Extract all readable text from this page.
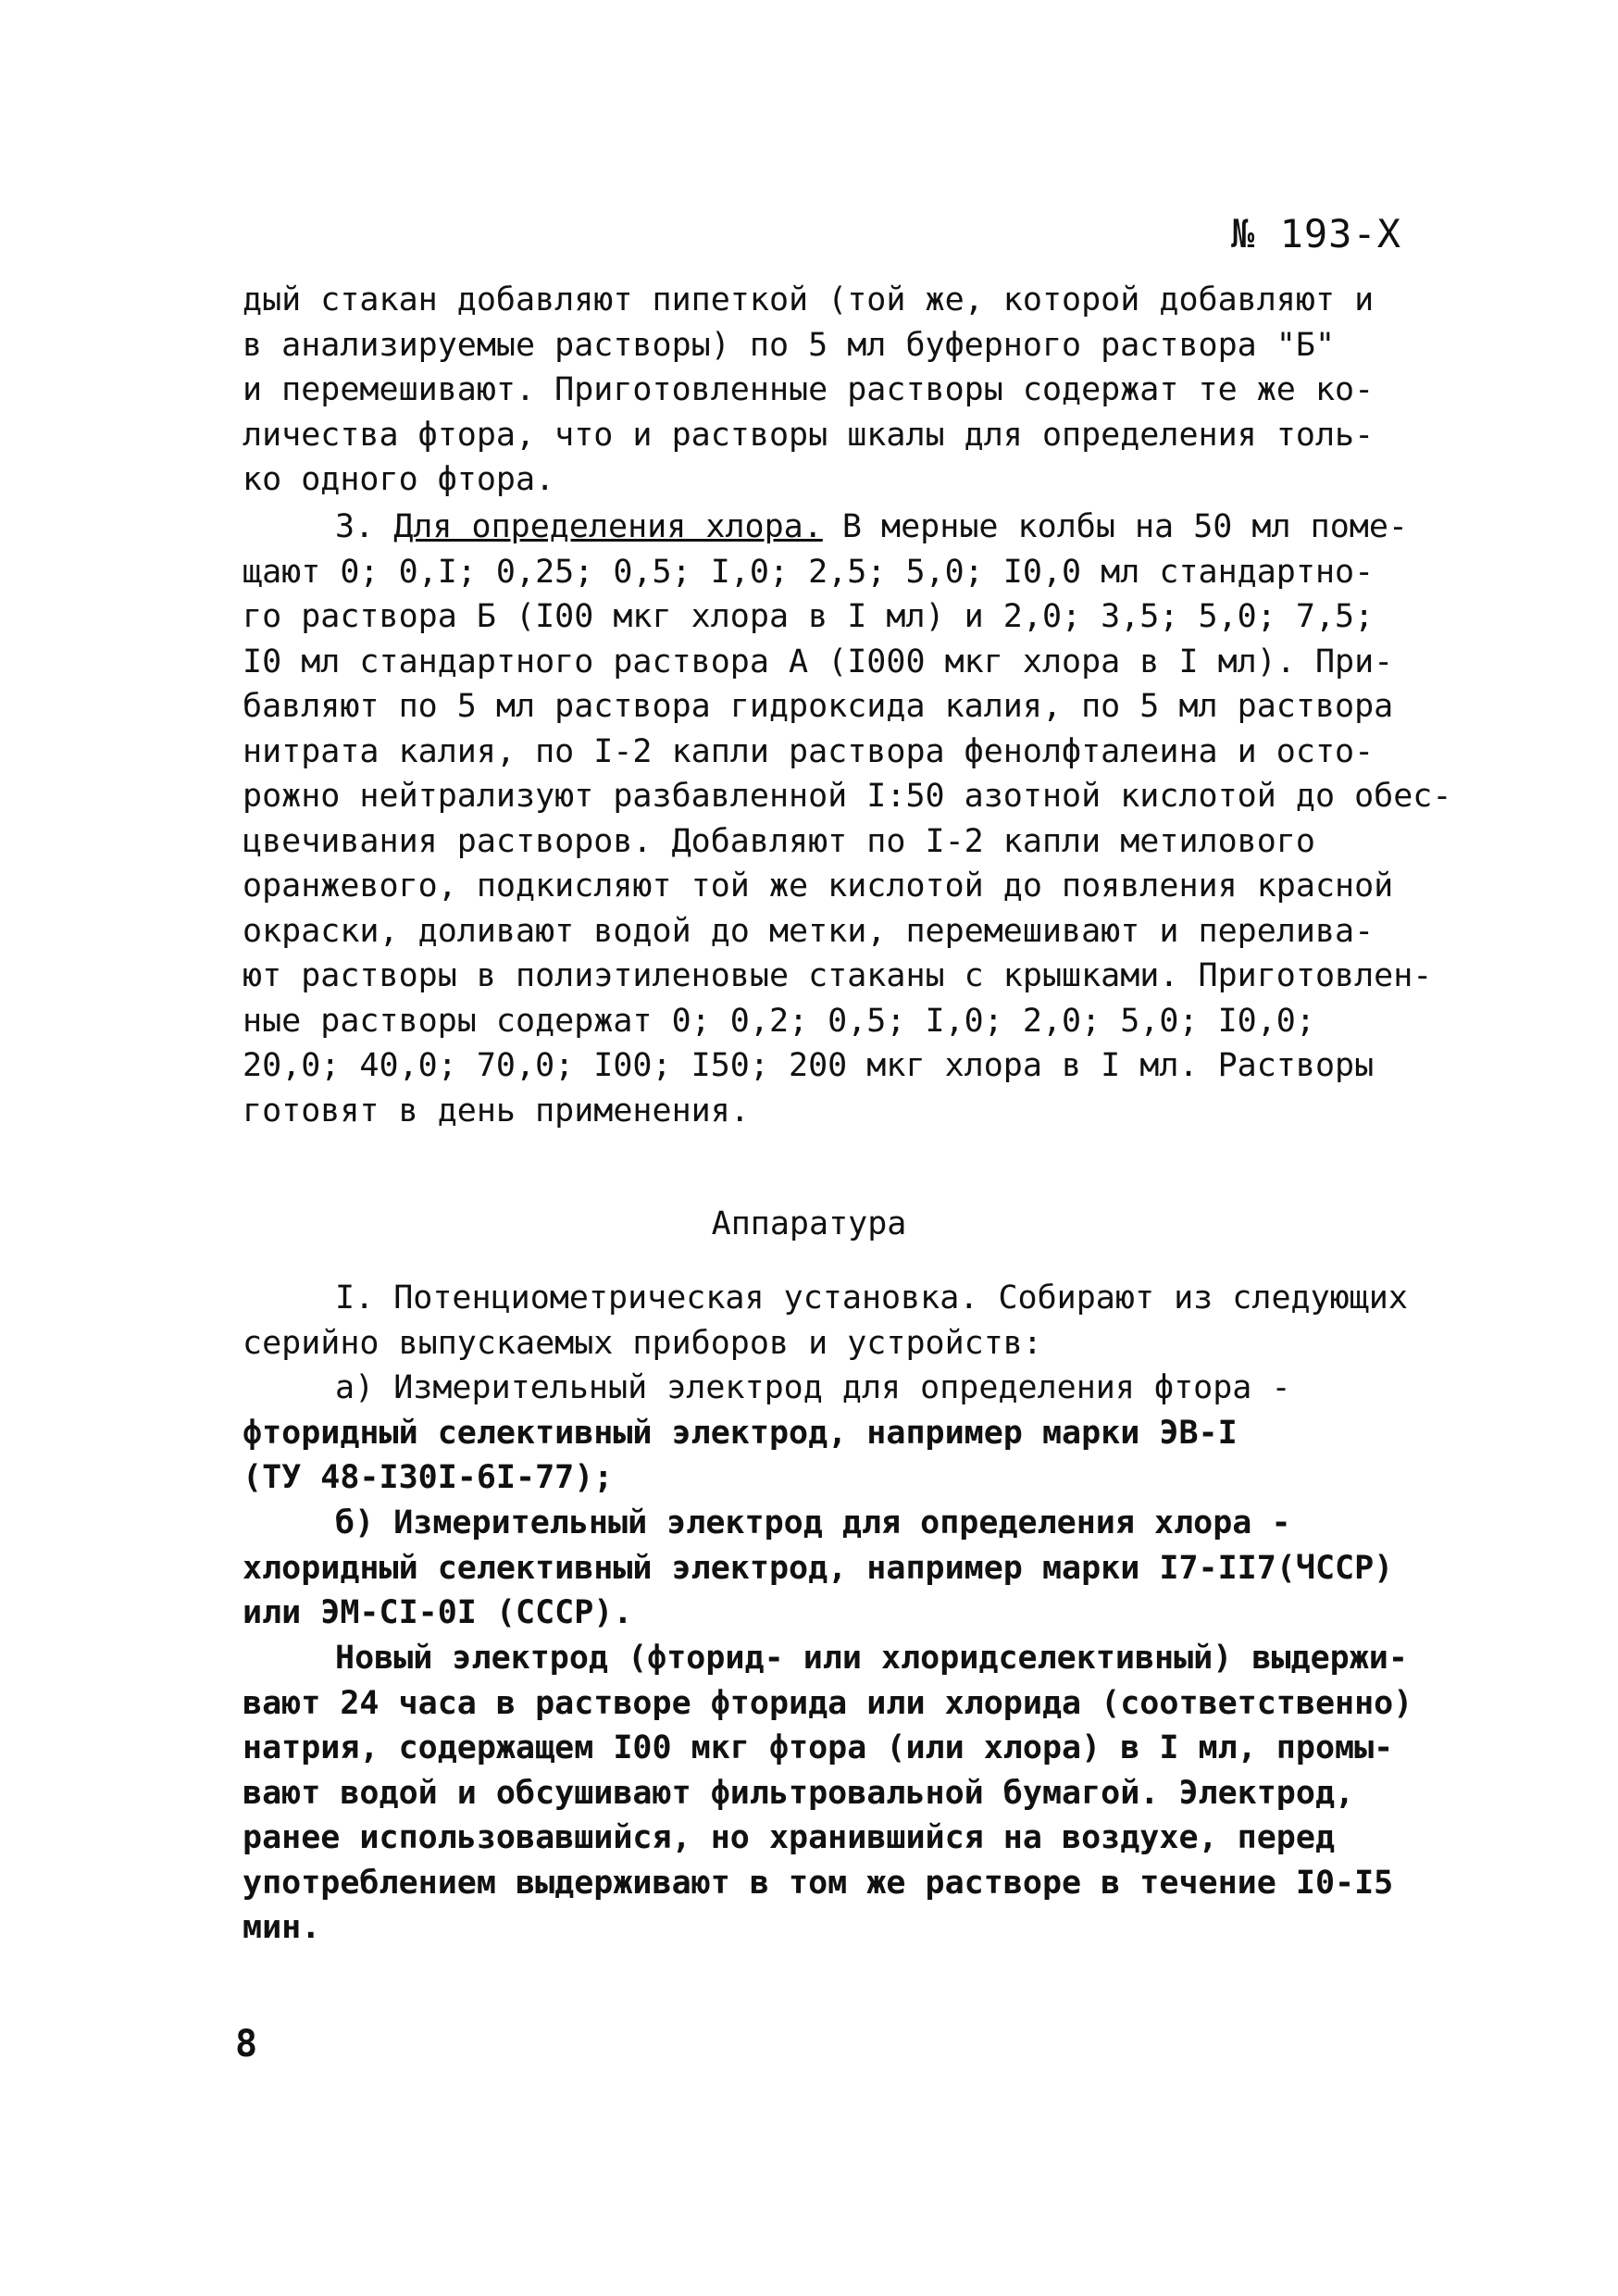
№ 193-Х
дый стакан добавляют пипеткой (той же, которой добавляют и
в анализируемые растворы) по 5 мл буферного раствора "Б"
и перемешивают. Приготовленные растворы содержат те же ко-
личества фтора, что и растворы шкалы для определения толь-
ко одного фтора.
3. Для определения хлора. В мерные колбы на 50 мл поме-
щают 0; 0,I; 0,25; 0,5; I,0; 2,5; 5,0; I0,0 мл стандартно-
го раствора Б (I00 мкг хлора в I мл) и 2,0; 3,5; 5,0; 7,5;
I0 мл стандартного раствора А (I000 мкг хлора в I мл). При-
бавляют по 5 мл раствора гидроксида калия, по 5 мл раствора
нитрата калия, по I-2 капли раствора фенолфталеина и осто-
рожно нейтрализуют разбавленной I:50 азотной кислотой до обес-
цвечивания растворов. Добавляют по I-2 капли метилового
оранжевого, подкисляют той же кислотой до появления красной
окраски, доливают водой до метки, перемешивают и перелива-
ют растворы в полиэтиленовые стаканы с крышками. Приготовлен-
ные растворы содержат 0; 0,2; 0,5; I,0; 2,0; 5,0; I0,0;
20,0; 40,0; 70,0; I00; I50; 200 мкг хлора в I мл. Растворы
готовят в день применения.
Аппаратура
I. Потенциометрическая установка. Собирают из следующих
серийно выпускаемых приборов и устройств:
а) Измерительный электрод для определения фтора -
фторидный селективный электрод, например марки ЭВ-I
(ТУ 48-I30I-6I-77);
б) Измерительный электрод для определения хлора -
хлоридный селективный электрод, например марки I7-II7(ЧССР)
или ЭМ-CI-0I (СССР).
Новый электрод (фторид- или хлоридселективный) выдержи-
вают 24 часа в растворе фторида или хлорида (соответственно)
натрия, содержащем I00 мкг фтора (или хлора) в I мл, промы-
вают водой и обсушивают фильтровальной бумагой. Электрод,
ранее использовавшийся, но хранившийся на воздухе, перед
употреблением выдерживают в том же растворе в течение I0-I5
мин.
8
